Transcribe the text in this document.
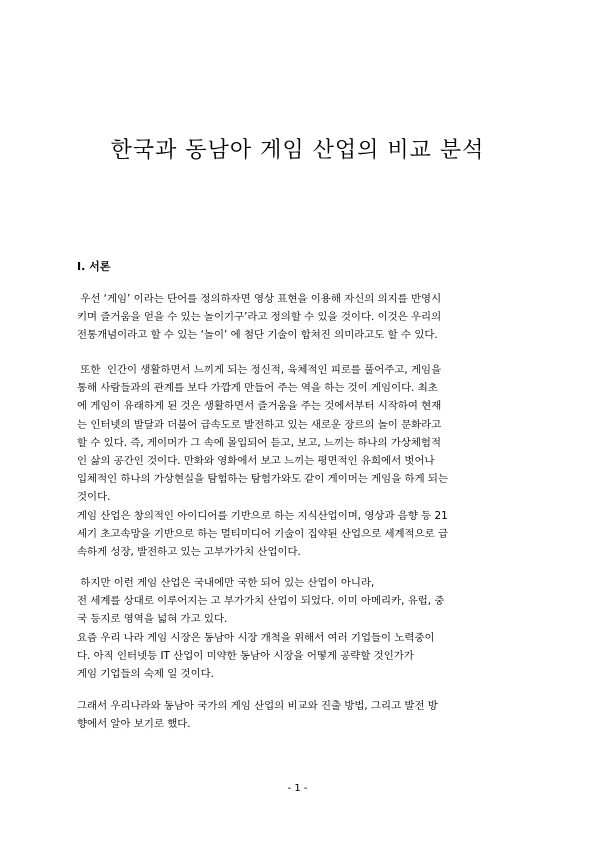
한국과 동남아 게임 산업의 비교 분석
Ⅰ. 서론
우선 ‘게임’ 이라는 단어를 정의하자면 영상 표현을 이용해 자신의 의지를 반영시
키며 즐거움을 얻을 수 있는 놀이기구’라고 정의할 수 있을 것이다. 이것은 우리의
전통개념이라고 할 수 있는 ‘놀이’ 에 첨단 기술이 합쳐진 의미라고도 할 수 있다.
또한  인간이 생활하면서 느끼게 되는 정신적, 육체적인 피로를 풀어주고, 게임을
통해 사람들과의 관계를 보다 가깝게 만들어 주는 역을 하는 것이 게임이다. 최초
에 게임이 유래하게 된 것은 생활하면서 즐거움을 주는 것에서부터 시작하여 현재
는 인터넷의 발달과 더불어 급속도로 발전하고 있는 새로운 장르의 놀이 문화라고
할 수 있다. 즉, 게이머가 그 속에 몰입되어 듣고, 보고, 느끼는 하나의 가상체험적
인 삶의 공간인 것이다. 만화와 영화에서 보고 느끼는 평면적인 유희에서 벗어나
입체적인 하나의 가상현실을 탐험하는 탐험가와도 같이 게이머는 게임을 하게 되는
것이다.
게임 산업은 창의적인 아이디어를 기반으로 하는 지식산업이며, 영상과 음향 등 21
세기 초고속망을 기반으로 하는 멀티미디어 기술이 집약된 산업으로 세계적으로 급
속하게 성장, 발전하고 있는 고부가가치 산업이다.
하지만 이런 게임 산업은 국내에만 국한 되어 있는 산업이 아니라,
전 세계를 상대로 이루어지는 고 부가가치 산업이 되었다. 이미 아메리카, 유럽, 중
국 등지로 영역을 넓혀 가고 있다.
요즘 우리 나라 게임 시장은 동남아 시장 개척을 위해서 여러 기업들이 노력중이
다. 아직 인터넷등 IT 산업이 미약한 동남아 시장을 어떻게 공략할 것인가가
게임 기업들의 숙제 일 것이다.
그래서 우리나라와 동남아 국가의 게임 산업의 비교와 진출 방법, 그리고 발전 방
향에서 알아 보기로 했다.
- 1 -
